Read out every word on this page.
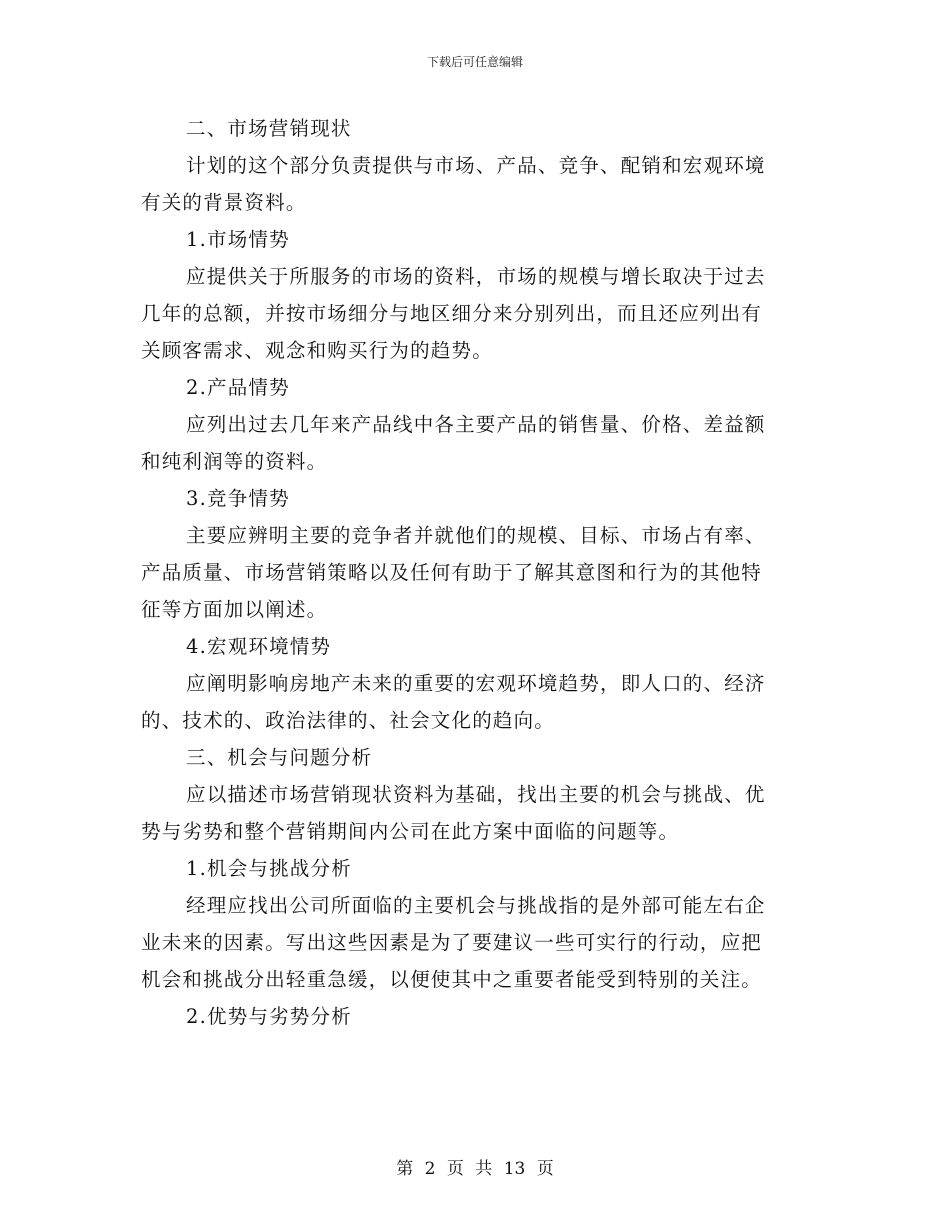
下载后可任意编辑
二、市场营销现状
计划的这个部分负责提供与市场、产品、竞争、配销和宏观环境
有关的背景资料。
1.市场情势
应提供关于所服务的市场的资料，市场的规模与增长取决于过去
几年的总额，并按市场细分与地区细分来分别列出，而且还应列出有
关顾客需求、观念和购买行为的趋势。
2.产品情势
应列出过去几年来产品线中各主要产品的销售量、价格、差益额
和纯利润等的资料。
3.竞争情势
主要应辨明主要的竞争者并就他们的规模、目标、市场占有率、
产品质量、市场营销策略以及任何有助于了解其意图和行为的其他特
征等方面加以阐述。
4.宏观环境情势
应阐明影响房地产未来的重要的宏观环境趋势，即人口的、经济
的、技术的、政治法律的、社会文化的趋向。
三、机会与问题分析
应以描述市场营销现状资料为基础，找出主要的机会与挑战、优
势与劣势和整个营销期间内公司在此方案中面临的问题等。
1.机会与挑战分析
经理应找出公司所面临的主要机会与挑战指的是外部可能左右企
业未来的因素。写出这些因素是为了要建议一些可实行的行动，应把
机会和挑战分出轻重急缓，以便使其中之重要者能受到特别的关注。
2.优势与劣势分析
第 2 页 共 13 页
